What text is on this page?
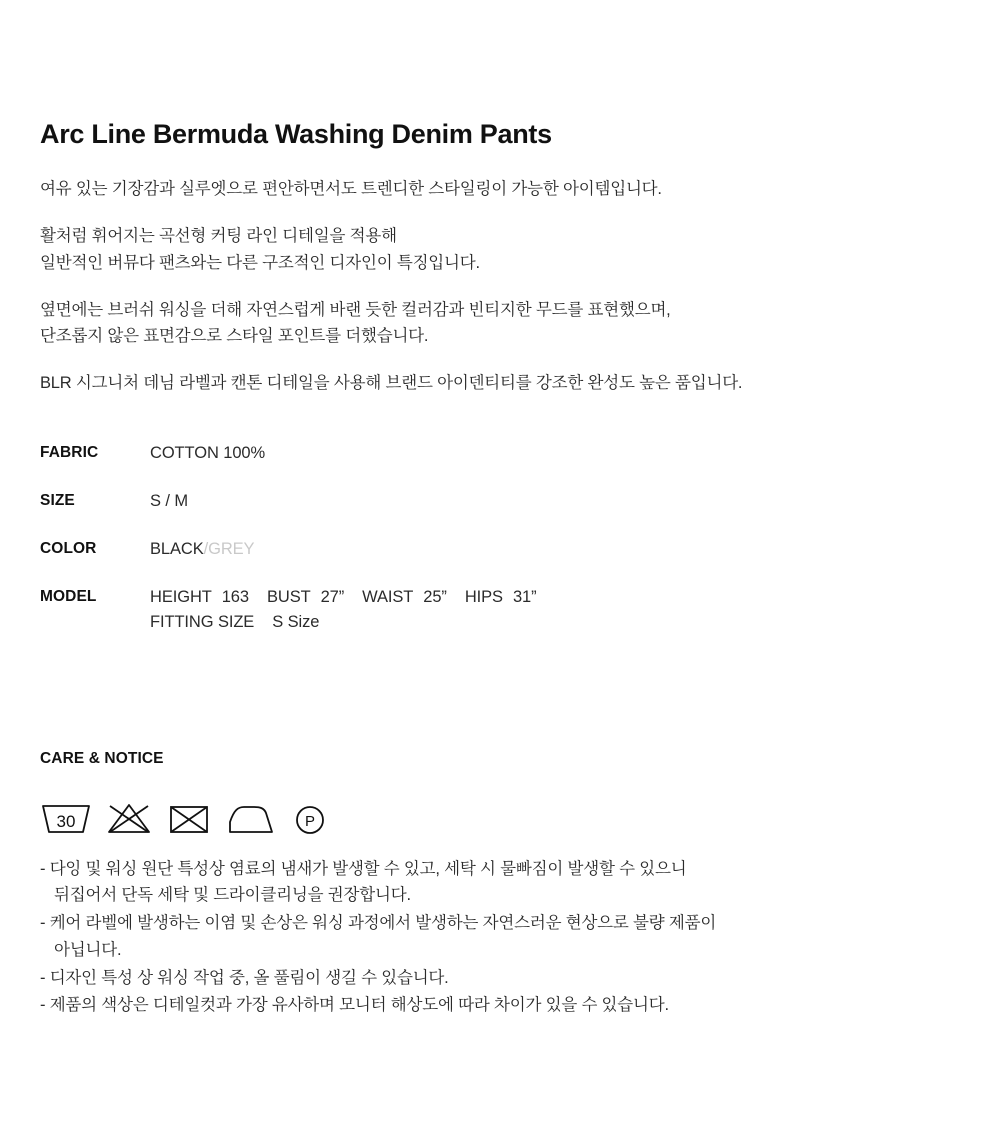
Arc Line Bermuda Washing Denim Pants
여유 있는 기장감과 실루엣으로 편안하면서도 트렌디한 스타일링이 가능한 아이템입니다.
활처럼 휘어지는 곡선형 커팅 라인 디테일을 적용해
일반적인 버뮤다 팬츠와는 다른 구조적인 디자인이 특징입니다.
옆면에는 브러쉬 워싱을 더해 자연스럽게 바랜 듯한 컬러감과 빈티지한 무드를 표현했으며,
단조롭지 않은 표면감으로 스타일 포인트를 더했습니다.
BLR 시그니처 데님 라벨과 캔톤 디테일을 사용해 브랜드 아이덴티티를 강조한 완성도 높은 품입니다.
FABRIC	COTTON 100%
SIZE	S / M
COLOR	BLACK/GREY
MODEL	HEIGHT 163 BUST 27” WAIST 25” HIPS 31”
FITTING SIZE S Size
CARE & NOTICE
30	P
- 다잉 및 워싱 원단 특성상 염료의 냄새가 발생할 수 있고, 세탁 시 물빠짐이 발생할 수 있으니
뒤집어서 단독 세탁 및 드라이클리닝을 권장합니다.
- 케어 라벨에 발생하는 이염 및 손상은 워싱 과정에서 발생하는 자연스러운 현상으로 불량 제품이
아닙니다.
- 디자인 특성 상 워싱 작업 중, 올 풀림이 생길 수 있습니다.
- 제품의 색상은 디테일컷과 가장 유사하며 모니터 해상도에 따라 차이가 있을 수 있습니다.
